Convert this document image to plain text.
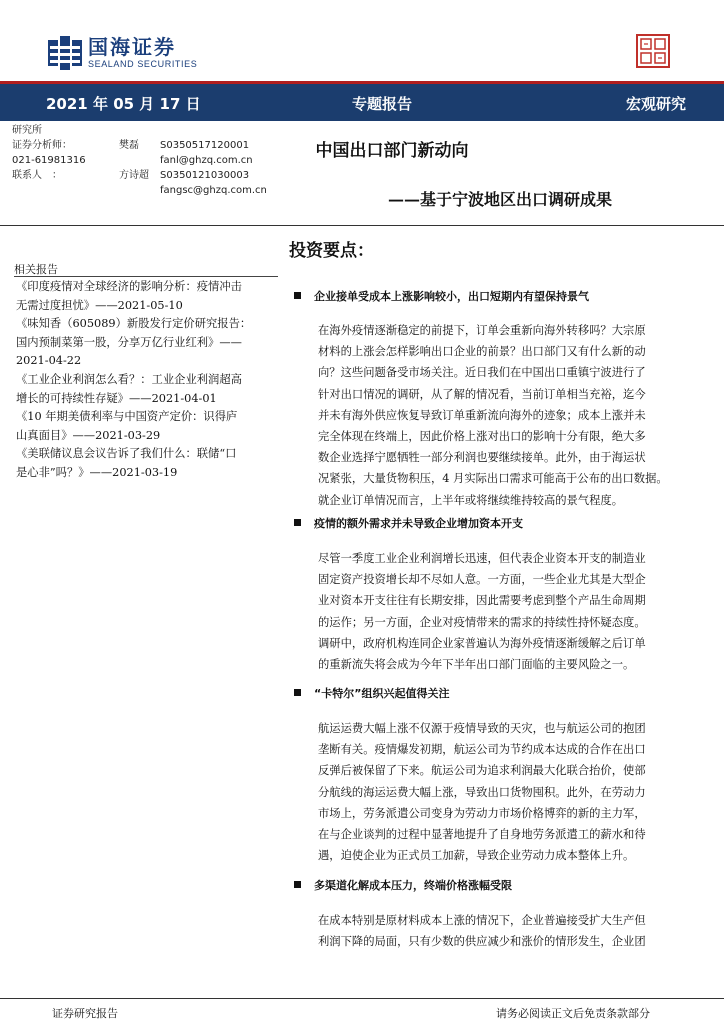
国海证券
SEALAND SECURITIES
2021 年 05 月 17 日	专题报告	宏观研究
研究所
证券分析师：	樊磊 S0350517120001
021-61981316	fanl@ghzq.com.cn
联系人　：	方诗超 S0350121030003
fangsc@ghzq.com.cn
中国出口部门新动向
——基于宁波地区出口调研成果
相关报告
《印度疫情对全球经济的影响分析：疫情冲击
无需过度担忧》——2021-05-10
《味知香（605089）新股发行定价研究报告：
国内预制菜第一股，分享万亿行业红利》——
2021-04-22
《工业企业利润怎么看？：工业企业利润超高
增长的可持续性存疑》——2021-04-01
《10 年期美债利率与中国资产定价：识得庐
山真面目》——2021-03-29
《美联储议息会议告诉了我们什么：联储“口
是心非”吗？》——2021-03-19
投资要点：
企业接单受成本上涨影响较小，出口短期内有望保持景气
在海外疫情逐渐稳定的前提下，订单会重新向海外转移吗？大宗原
材料的上涨会怎样影响出口企业的前景？出口部门又有什么新的动
向？这些问题备受市场关注。近日我们在中国出口重镇宁波进行了
针对出口情况的调研，从了解的情况看，当前订单相当充裕，迄今
并未有海外供应恢复导致订单重新流向海外的迹象；成本上涨并未
完全体现在终端上，因此价格上涨对出口的影响十分有限，绝大多
数企业选择宁愿牺牲一部分利润也要继续接单。此外，由于海运状
况紧张，大量货物积压，4 月实际出口需求可能高于公布的出口数据。
就企业订单情况而言，上半年或将继续维持较高的景气程度。
疫情的额外需求并未导致企业增加资本开支
尽管一季度工业企业利润增长迅速，但代表企业资本开支的制造业
固定资产投资增长却不尽如人意。一方面，一些企业尤其是大型企
业对资本开支往往有长期安排，因此需要考虑到整个产品生命周期
的运作；另一方面，企业对疫情带来的需求的持续性持怀疑态度。
调研中，政府机构连同企业家普遍认为海外疫情逐渐缓解之后订单
的重新流失将会成为今年下半年出口部门面临的主要风险之一。
“卡特尔”组织兴起值得关注
航运运费大幅上涨不仅源于疫情导致的天灾，也与航运公司的抱团
垄断有关。疫情爆发初期，航运公司为节约成本达成的合作在出口
反弹后被保留了下来。航运公司为追求利润最大化联合抬价，使部
分航线的海运运费大幅上涨，导致出口货物囤积。此外，在劳动力
市场上，劳务派遣公司变身为劳动力市场价格博弈的新的主力军，
在与企业谈判的过程中显著地提升了自身地劳务派遣工的薪水和待
遇，迫使企业为正式员工加薪，导致企业劳动力成本整体上升。
多渠道化解成本压力，终端价格涨幅受限
在成本特别是原材料成本上涨的情况下，企业普遍接受扩大生产但
利润下降的局面，只有少数的供应减少和涨价的情形发生，企业团
证券研究报告	请务必阅读正文后免责条款部分
